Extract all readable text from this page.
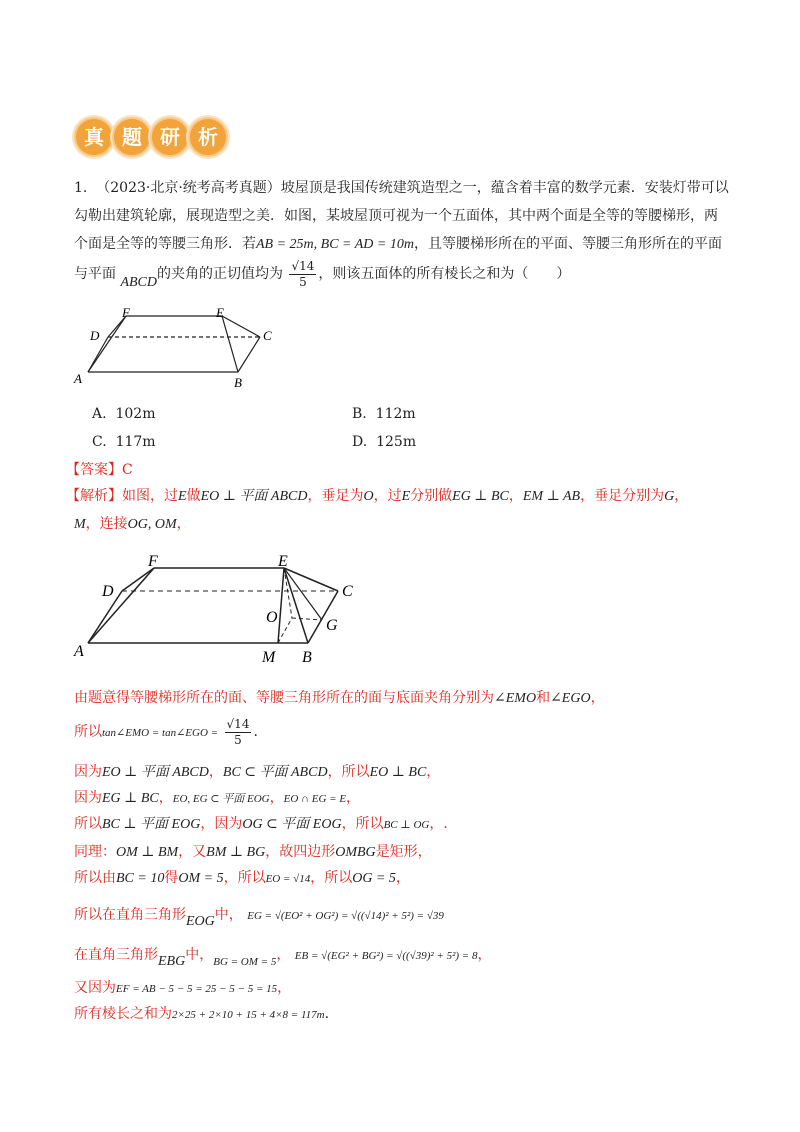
真 题 研 析
1. （2023·北京·统考高考真题）坡屋顶是我国传统建筑造型之一，蕴含着丰富的数学元素．安装灯带可以
勾勒出建筑轮廓，展现造型之美．如图，某坡屋顶可视为一个五面体，其中两个面是全等的等腰梯形，两
个面是全等的等腰三角形．若AB = 25m, BC = AD = 10m，且等腰梯形所在的平面、等腰三角形所在的平面
与平面 ABCD的夹角的正切值均为 $\frac{√14}{5}$ ，则该五面体的所有棱长之和为（　　）
D
F	E
C
A	B
A. 102m	B. 112m
C. 117m	D. 125m
【答案】C
【解析】如图，过E做EO ⊥ 平面 ABCD，垂足为O，过E分别做EG ⊥ BC，EM ⊥ AB，垂足分别为G，
M，连接OG, OM，
F	E
D	C
O	G
A	M B
由题意得等腰梯形所在的面、等腰三角形所在的面与底面夹角分别为∠EMO和∠EGO，
所以tan∠EMO = tan∠EGO = $\frac{√14}{5}$ .
因为EO ⊥ 平面 ABCD，BC ⊂ 平面 ABCD，所以EO ⊥ BC，
因为EG ⊥ BC，EO, EG ⊂ 平面 EOG，EO ∩ EG = E，
所以BC ⊥ 平面 EOG，因为OG ⊂ 平面 EOG，所以BC ⊥ OG，.
同理：OM ⊥ BM，又BM ⊥ BG，故四边形OMBG是矩形，
所以由BC = 10得OM = 5，所以EO = √14，所以OG = 5，
所以在直角三角形EOG中， EG = √(EO² + OG²) = √((√14)² + 5²) = √39
在直角三角形EBG中，$_{BG = OM = 5}$， EB = √(EG² + BG²) = √((√39)² + 5²) = 8，
又因为EF = AB − 5 − 5 = 25 − 5 − 5 = 15，
所有棱长之和为2×25 + 2×10 + 15 + 4×8 = 117m.
